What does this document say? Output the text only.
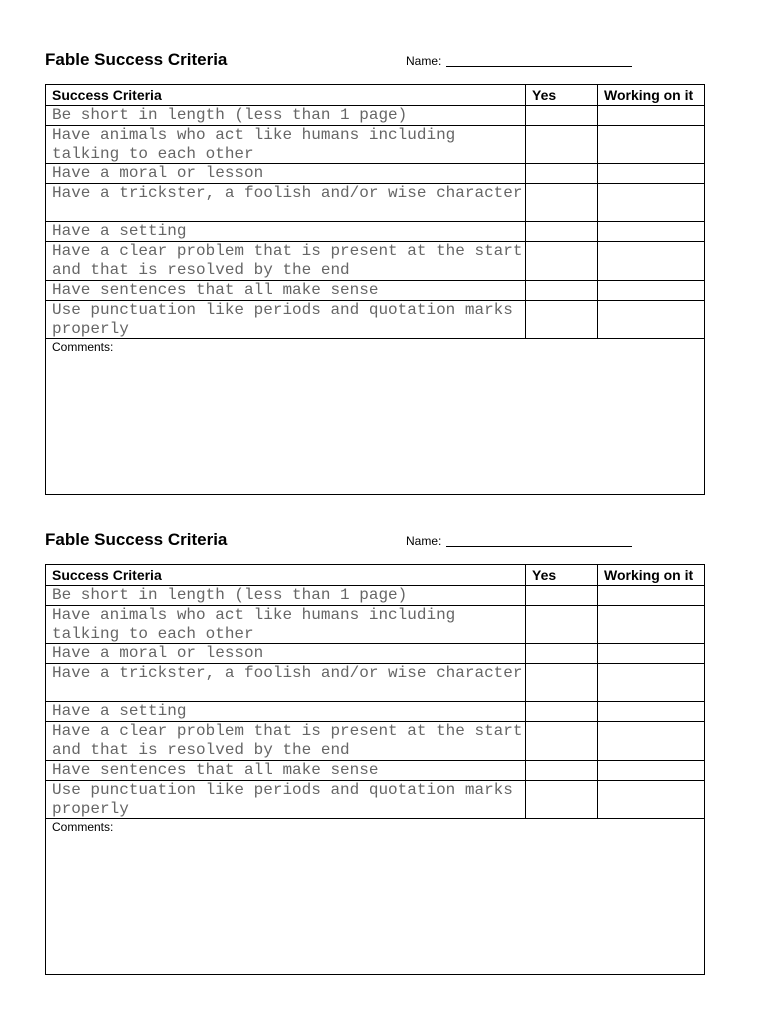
Fable Success Criteria	Name:
Success Criteria	Yes	Working on it
Be short in length (less than 1 page)		
Have animals who act like humans including talking to each other		
Have a moral or lesson		
Have a trickster, a foolish and/or wise character		
Have a setting		
Have a clear problem that is present at the start and that is resolved by the end		
Have sentences that all make sense		
Use punctuation like periods and quotation marks properly		
Comments:		
Fable Success Criteria	Name:
Success Criteria	Yes	Working on it
Be short in length (less than 1 page)		
Have animals who act like humans including talking to each other		
Have a moral or lesson		
Have a trickster, a foolish and/or wise character		
Have a setting		
Have a clear problem that is present at the start and that is resolved by the end		
Have sentences that all make sense		
Use punctuation like periods and quotation marks properly		
Comments:		
